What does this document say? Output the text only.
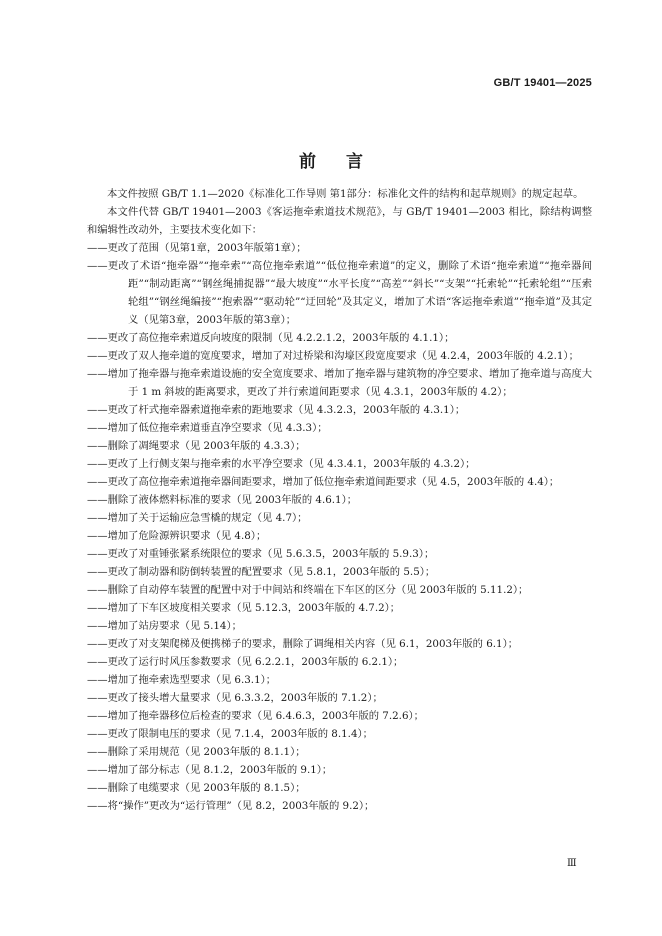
GB/T 19401—2025
前言

本文件按照 GB/T 1.1—2020《标准化工作导则 第1部分：标准化文件的结构和起草规则》的规定起草。

本文件代替 GB/T 19401—2003《客运拖牵索道技术规范》，与 GB/T 19401—2003 相比，除结构调整和编辑性改动外，主要技术变化如下：

——更改了范围（见第1章，2003年版第1章）；
——更改了术语“拖牵器”“拖牵索”“高位拖牵索道”“低位拖牵索道”的定义，删除了术语“拖牵索道”“拖牵器间距”“制动距离”“钢丝绳捕捉器”“最大坡度”“水平长度”“高差”“斜长”“支架”“托索轮”“托索轮组”“压索轮组”“钢丝绳编接”“抱索器”“驱动轮”“迂回轮”及其定义，增加了术语“客运拖牵索道”“拖牵道”及其定义（见第3章，2003年版的第3章）；
——更改了高位拖牵索道反向坡度的限制（见 4.2.2.1.2，2003年版的 4.1.1）；
——更改了双人拖牵道的宽度要求，增加了对过桥梁和沟壕区段宽度要求（见 4.2.4，2003年版的 4.2.1）；
——增加了拖牵器与拖牵索道设施的安全宽度要求、增加了拖牵器与建筑物的净空要求、增加了拖牵道与高度大于 1 m 斜坡的距离要求，更改了并行索道间距要求（见 4.3.1，2003年版的 4.2）；
——更改了杆式拖牵器索道拖牵索的距地要求（见 4.3.2.3，2003年版的 4.3.1）；
——增加了低位拖牵索道垂直净空要求（见 4.3.3）；
——删除了凋绳要求（见 2003年版的 4.3.3）；
——更改了上行侧支架与拖牵索的水平净空要求（见 4.3.4.1，2003年版的 4.3.2）；
——更改了高位拖牵索道拖牵器间距要求，增加了低位拖牵索道间距要求（见 4.5，2003年版的 4.4）；
——删除了液体燃料标准的要求（见 2003年版的 4.6.1）；
——增加了关于运输应急雪橇的规定（见 4.7）；
——增加了危险源辨识要求（见 4.8）；
——更改了对重锤张紧系统限位的要求（见 5.6.3.5，2003年版的 5.9.3）；
——更改了制动器和防倒转装置的配置要求（见 5.8.1，2003年版的 5.5）；
——删除了自动停车装置的配置中对于中间站和终端在下车区的区分（见 2003年版的 5.11.2）；
——增加了下车区坡度相关要求（见 5.12.3，2003年版的 4.7.2）；
——增加了站房要求（见 5.14）；
——更改了对支架爬梯及便携梯子的要求，删除了调绳相关内容（见 6.1，2003年版的 6.1）；
——更改了运行时风压参数要求（见 6.2.2.1，2003年版的 6.2.1）；
——增加了拖牵索选型要求（见 6.3.1）；
——更改了接头增大量要求（见 6.3.3.2，2003年版的 7.1.2）；
——增加了拖牵器移位后检查的要求（见 6.4.6.3，2003年版的 7.2.6）；
——更改了限制电压的要求（见 7.1.4，2003年版的 8.1.4）；
——删除了采用规范（见 2003年版的 8.1.1）；
——增加了部分标志（见 8.1.2，2003年版的 9.1）；
——删除了电缆要求（见 2003年版的 8.1.5）；
——将“操作”更改为“运行管理”（见 8.2，2003年版的 9.2）；
Ⅲ
